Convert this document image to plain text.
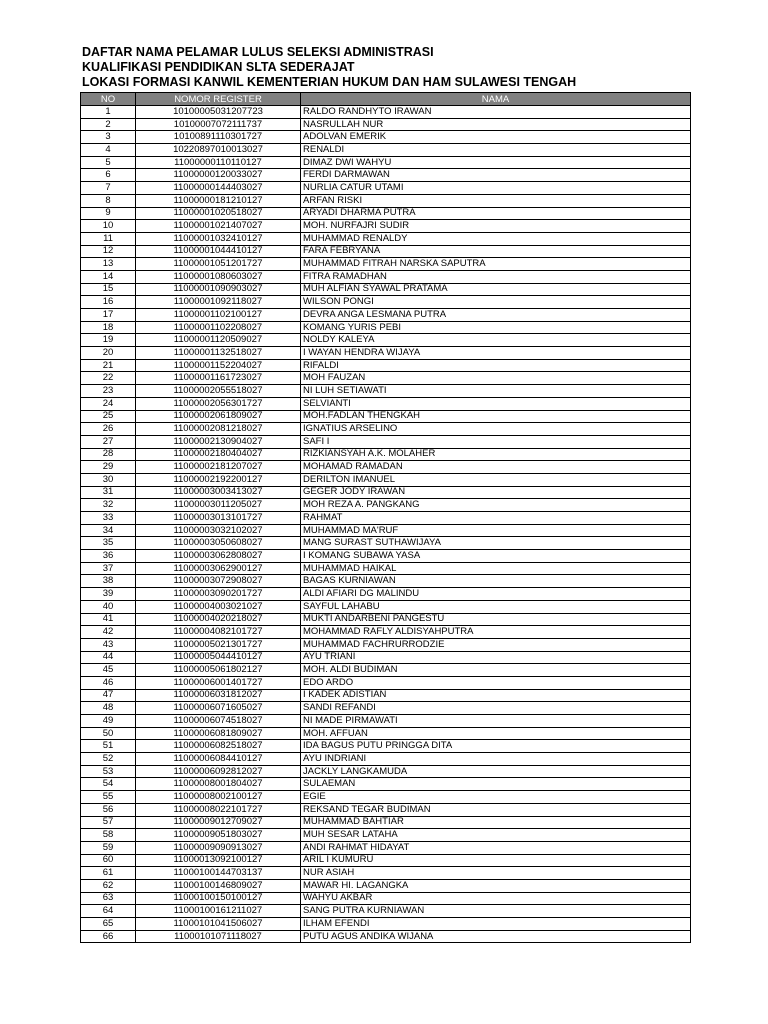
DAFTAR NAMA PELAMAR LULUS SELEKSI ADMINISTRASI
KUALIFIKASI PENDIDIKAN SLTA SEDERAJAT
LOKASI FORMASI KANWIL KEMENTERIAN HUKUM DAN HAM SULAWESI TENGAH
NO	NOMOR REGISTER	NAMA
1	10100005031207723	RALDO RANDHYTO IRAWAN
2	10100007072111737	NASRULLAH NUR
3	10100891110301727	ADOLVAN EMERIK
4	10220897010013027	RENALDI
5	11000000110110127	DIMAZ DWI WAHYU
6	11000000120033027	FERDI DARMAWAN
7	11000000144403027	NURLIA CATUR UTAMI
8	11000000181210127	ARFAN RISKI
9	11000001020518027	ARYADI DHARMA PUTRA
10	11000001021407027	MOH. NURFAJRI SUDIR
11	11000001032410127	MUHAMMAD RENALDY
12	11000001044410127	FARA FEBRYANA
13	11000001051201727	MUHAMMAD FITRAH NARSKA SAPUTRA
14	11000001080603027	FITRA RAMADHAN
15	11000001090903027	MUH ALFIAN SYAWAL PRATAMA
16	11000001092118027	WILSON PONGI
17	11000001102100127	DEVRA ANGA LESMANA PUTRA
18	11000001102208027	KOMANG YURIS PEBI
19	11000001120509027	NOLDY KALEYA
20	11000001132518027	I WAYAN HENDRA WIJAYA
21	11000001152204027	RIFALDI
22	11000001161723027	MOH FAUZAN
23	11000002055518027	NI LUH SETIAWATI
24	11000002056301727	SELVIANTI
25	11000002061809027	MOH.FADLAN THENGKAH
26	11000002081218027	IGNATIUS ARSELINO
27	11000002130904027	SAFI I
28	11000002180404027	RIZKIANSYAH A.K. MOLAHER
29	11000002181207027	MOHAMAD RAMADAN
30	11000002192200127	DERILTON IMANUEL
31	11000003003413027	GEGER JODY IRAWAN
32	11000003011205027	MOH REZA A. PANGKANG
33	11000003013101727	RAHMAT
34	11000003032102027	MUHAMMAD MA'RUF
35	11000003050608027	MANG SURAST SUTHAWIJAYA
36	11000003062808027	I KOMANG SUBAWA YASA
37	11000003062900127	MUHAMMAD HAIKAL
38	11000003072908027	BAGAS KURNIAWAN
39	11000003090201727	ALDI AFIARI DG MALINDU
40	11000004003021027	SAYFUL LAHABU
41	11000004020218027	MUKTI ANDARBENI PANGESTU
42	11000004082101727	MOHAMMAD RAFLY ALDISYAHPUTRA
43	11000005021301727	MUHAMMAD FACHRURRODZIE
44	11000005044410127	AYU TRIANI
45	11000005061802127	MOH. ALDI BUDIMAN
46	11000006001401727	EDO ARDO
47	11000006031812027	I KADEK ADISTIAN
48	11000006071605027	SANDI REFANDI
49	11000006074518027	NI MADE PIRMAWATI
50	11000006081809027	MOH. AFFUAN
51	11000006082518027	IDA BAGUS PUTU PRINGGA DITA
52	11000006084410127	AYU INDRIANI
53	11000006092812027	JACKLY LANGKAMUDA
54	11000008001804027	SULAEMAN
55	11000008002100127	EGIE
56	11000008022101727	REKSAND TEGAR BUDIMAN
57	11000009012709027	MUHAMMAD BAHTIAR
58	11000009051803027	MUH SESAR LATAHA
59	11000009090913027	ANDI RAHMAT HIDAYAT
60	11000013092100127	ARIL I KUMURU
61	11000100144703137	NUR ASIAH
62	11000100146809027	MAWAR HI. LAGANGKA
63	11000100150100127	WAHYU AKBAR
64	11000100161211027	SANG PUTRA KURNIAWAN
65	11000101041506027	ILHAM EFENDI
66	11000101071118027	PUTU AGUS ANDIKA WIJANA
